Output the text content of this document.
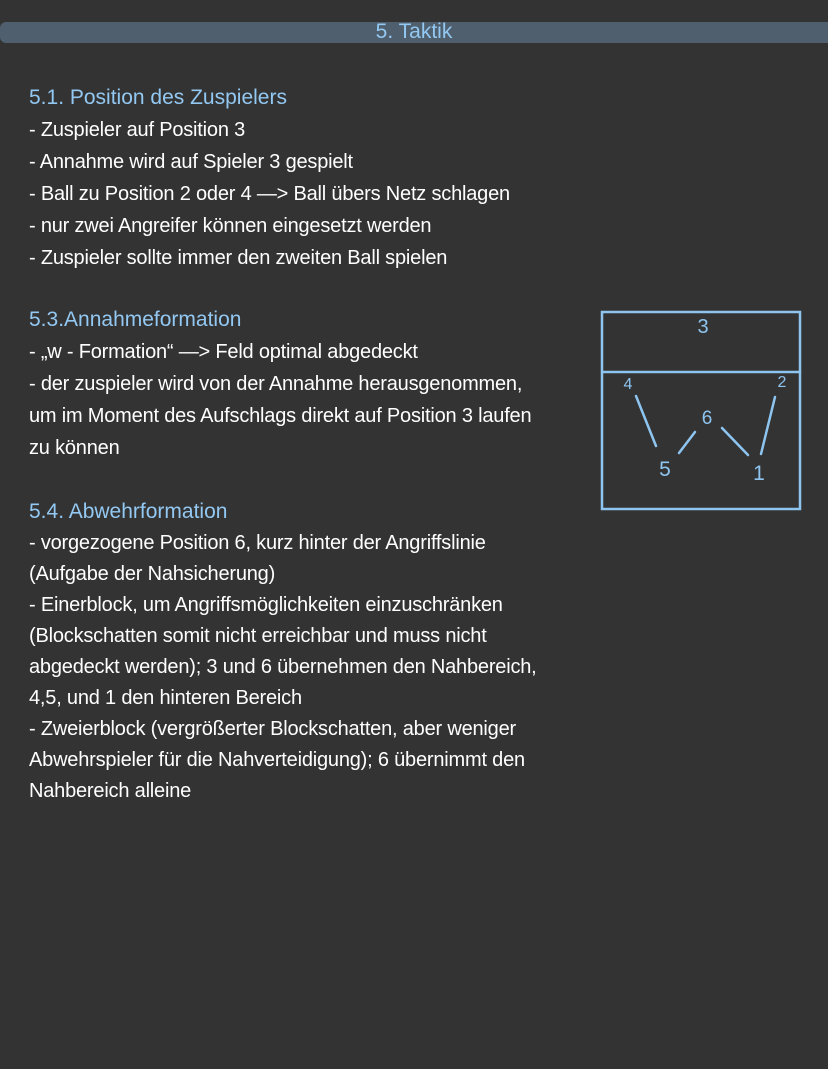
5. Taktik
5.1. Position des Zuspielers
- Zuspieler auf Position 3
- Annahme wird auf Spieler 3 gespielt
- Ball zu Position 2 oder 4 —> Ball übers Netz schlagen
- nur zwei Angreifer können eingesetzt werden
- Zuspieler sollte immer den zweiten Ball spielen
5.3.Annahmeformation
- „w - Formation“ —> Feld optimal abgedeckt
- der zuspieler wird von der Annahme herausgenommen,
um im Moment des Aufschlags direkt auf Position 3 laufen
zu können
5.4. Abwehrformation
- vorgezogene Position 6, kurz hinter der Angriffslinie
(Aufgabe der Nahsicherung)
- Einerblock, um Angriffsmöglichkeiten einzuschränken
(Blockschatten somit nicht erreichbar und muss nicht
abgedeckt werden); 3 und 6 übernehmen den Nahbereich,
4,5, und 1 den hinteren Bereich
- Zweierblock (vergrößerter Blockschatten, aber weniger
Abwehrspieler für die Nahverteidigung); 6 übernimmt den
Nahbereich alleine
3
4	2
6
5	1
